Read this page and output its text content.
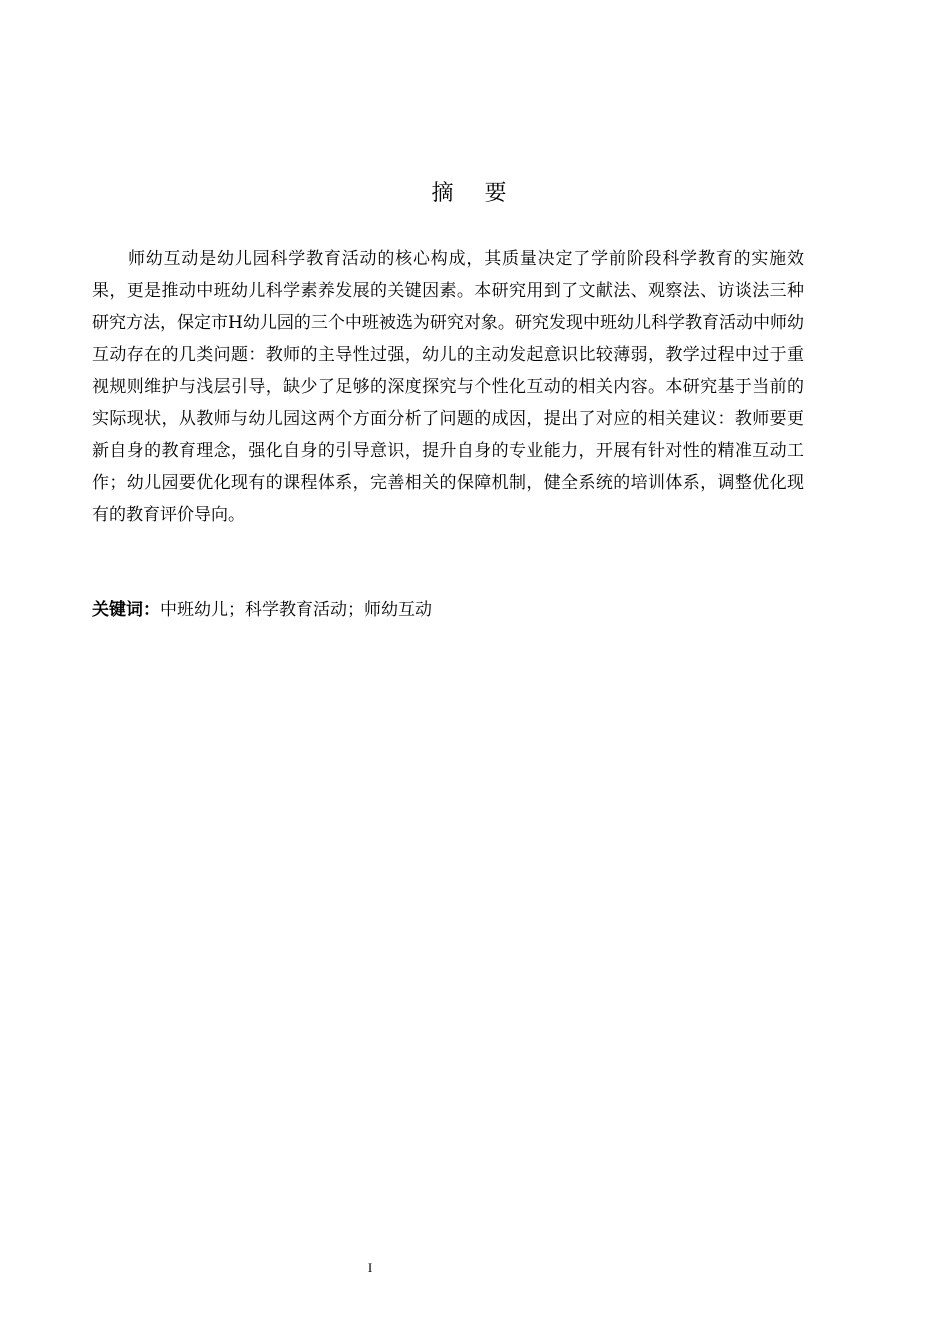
摘 要

师幼互动是幼儿园科学教育活动的核心构成，其质量决定了学前阶段科学教育的实施效果，更是推动中班幼儿科学素养发展的关键因素。本研究用到了文献法、观察法、访谈法三种研究方法，保定市H幼儿园的三个中班被选为研究对象。研究发现中班幼儿科学教育活动中师幼互动存在的几类问题：教师的主导性过强，幼儿的主动发起意识比较薄弱，教学过程中过于重视规则维护与浅层引导，缺少了足够的深度探究与个性化互动的相关内容。本研究基于当前的实际现状，从教师与幼儿园这两个方面分析了问题的成因，提出了对应的相关建议：教师要更新自身的教育理念，强化自身的引导意识，提升自身的专业能力，开展有针对性的精准互动工作；幼儿园要优化现有的课程体系，完善相关的保障机制，健全系统的培训体系，调整优化现有的教育评价导向。

关键词：中班幼儿；科学教育活动；师幼互动

I
